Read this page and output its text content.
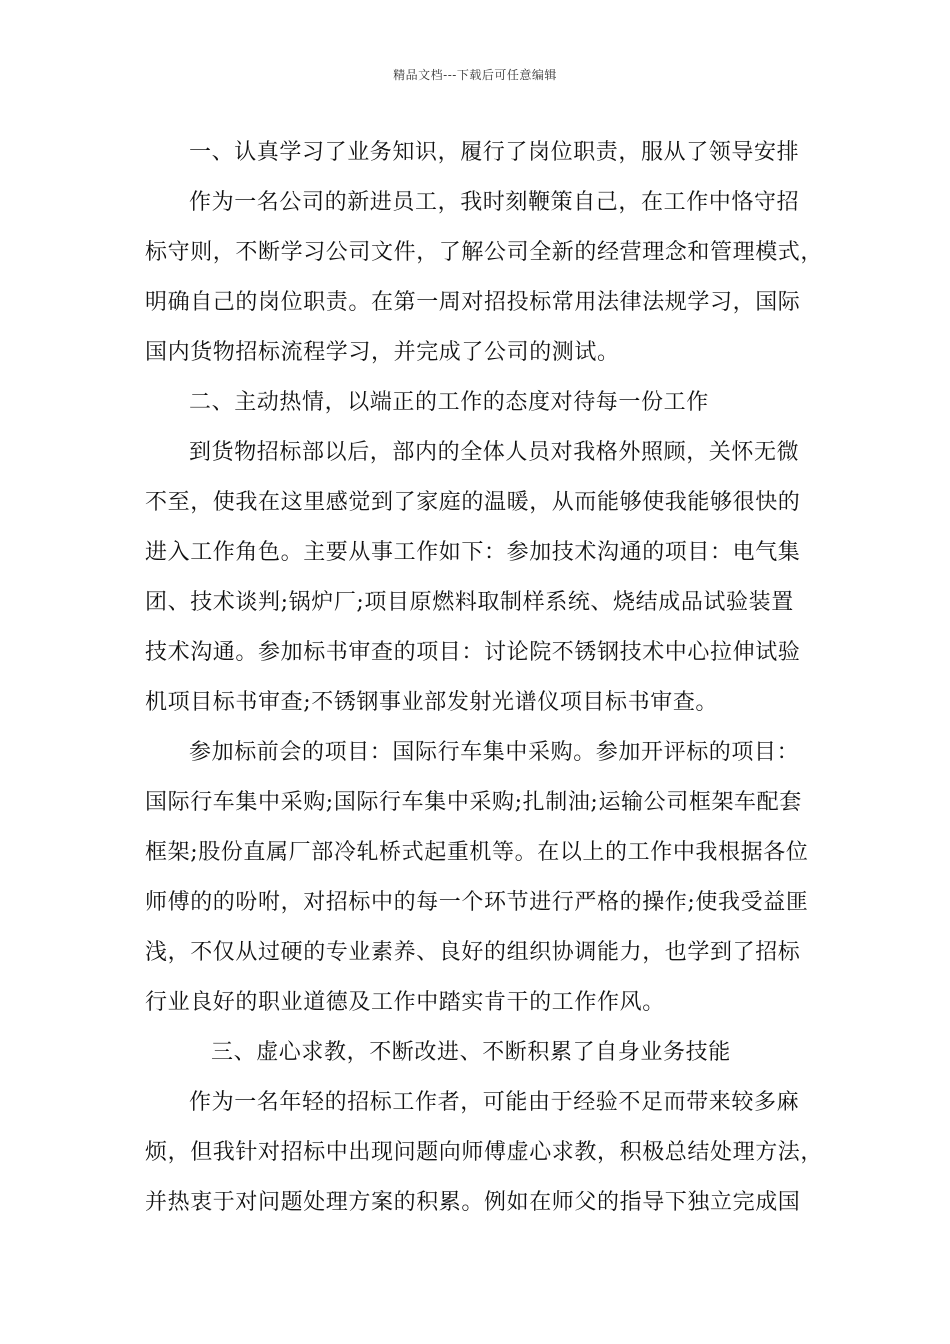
精品文档---下载后可任意编辑
一、认真学习了业务知识，履行了岗位职责，服从了领导安排
作为一名公司的新进员工，我时刻鞭策自己，在工作中恪守招
标守则，不断学习公司文件，了解公司全新的经营理念和管理模式，
明确自己的岗位职责。在第一周对招投标常用法律法规学习，国际
国内货物招标流程学习，并完成了公司的测试。
二、主动热情，以端正的工作的态度对待每一份工作
到货物招标部以后，部内的全体人员对我格外照顾，关怀无微
不至，使我在这里感觉到了家庭的温暖，从而能够使我能够很快的
进入工作角色。主要从事工作如下：参加技术沟通的项目：电气集
团、技术谈判;锅炉厂;项目原燃料取制样系统、烧结成品试验装置
技术沟通。参加标书审查的项目：讨论院不锈钢技术中心拉伸试验
机项目标书审查;不锈钢事业部发射光谱仪项目标书审查。
参加标前会的项目：国际行车集中采购。参加开评标的项目：
国际行车集中采购;国际行车集中采购;扎制油;运输公司框架车配套
框架;股份直属厂部冷轧桥式起重机等。在以上的工作中我根据各位
师傅的的吩咐，对招标中的每一个环节进行严格的操作;使我受益匪
浅，不仅从过硬的专业素养、良好的组织协调能力，也学到了招标
行业良好的职业道德及工作中踏实肯干的工作作风。
三、虚心求教，不断改进、不断积累了自身业务技能
作为一名年轻的招标工作者，可能由于经验不足而带来较多麻
烦，但我针对招标中出现问题向师傅虚心求教，积极总结处理方法，
并热衷于对问题处理方案的积累。例如在师父的指导下独立完成国
